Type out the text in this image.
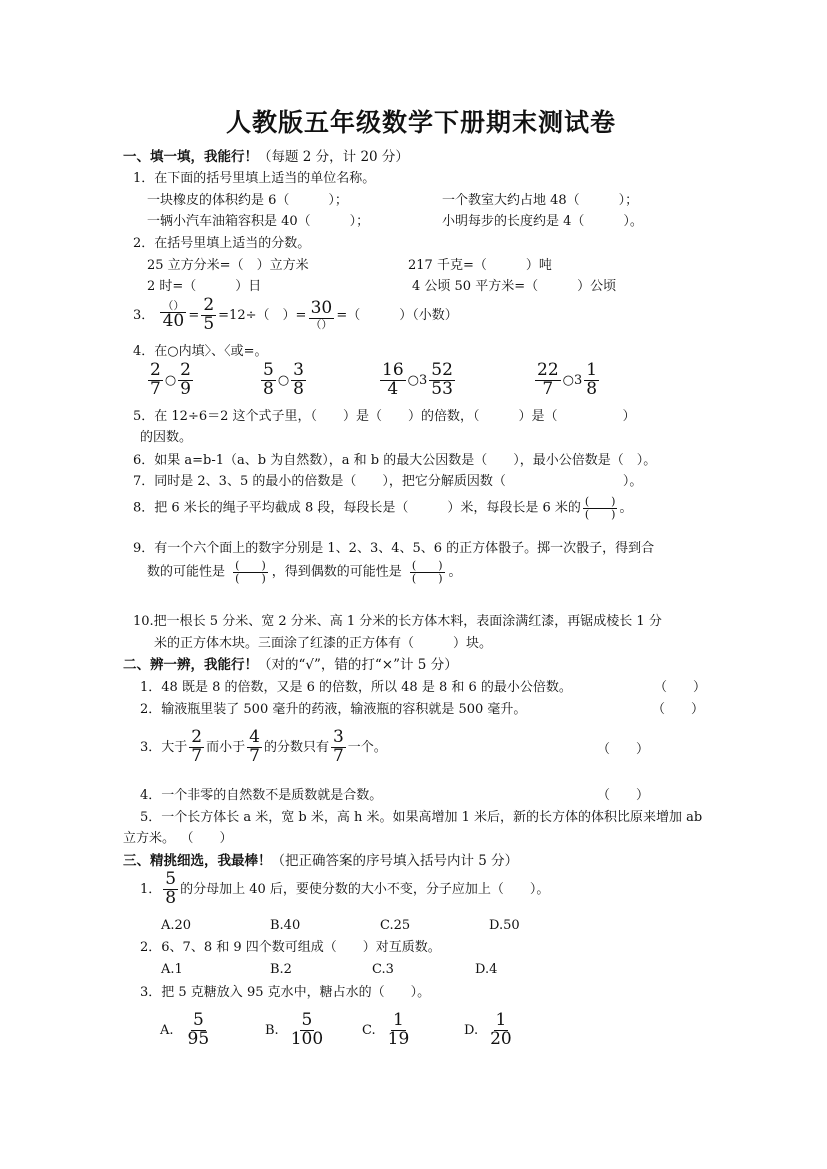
人教版五年级数学下册期末测试卷
一、填一填，我能行！（每题 2 分，计 20 分）
1．在下面的括号里填上适当的单位名称。
一块橡皮的体积约是 6（　　　）；	一个教室大约占地 48（　　　）；
一辆小汽车油箱容积是 40（　　　）；	小明每步的长度约是 4（　　　）。
2．在括号里填上适当的分数。
25 立方分米=（　）立方米	217 千克=（　　　）吨
2 时=（　　　）日	4 公顷 50 平方米=（　　　）公顷
3． $\frac{()}{40} = \frac{2}{5} =12\div$（　）= $\frac{30}{()}$ =（　　　）（小数）
4．在○内填〉、〈或=。
$\frac{2}{7}$ ○ $\frac{2}{9}$	$\frac{5}{8}$ ○ $\frac{3}{8}$	$\frac{16}{4}$ ○3 $\frac{52}{53}$	$\frac{22}{7}$ ○3 $\frac{1}{8}$
5．在 12÷6＝2 这个式子里，（　　）是（　　）的倍数，（　　　）是（　　　　　）
的因数。
6．如果 a=b-1（a、b 为自然数），a 和 b 的最大公因数是（　　），最小公倍数是（　）。
7．同时是 2、3、5 的最小的倍数是（　　），把它分解质因数（　　　　　　　　　）。
8．把 6 米长的绳子平均截成 8 段，每段长是（　　　）米，每段长是 6 米的 $\frac{( )}{( )}$ 。
9．有一个六个面上的数字分别是 1、2、3、4、5、6 的正方体骰子。掷一次骰子，得到合
数的可能性是 $\frac{( )}{( )}$ ，得到偶数的可能性是 $\frac{( )}{( )}$ 。
10.把一根长 5 分米、宽 2 分米、高 1 分米的长方体木料，表面涂满红漆，再锯成棱长 1 分
米的正方体木块。三面涂了红漆的正方体有（　　　）块。
二、辨一辨，我能行！（对的“√”，错的打“×”计 5 分）
1．48 既是 8 的倍数，又是 6 的倍数，所以 48 是 8 和 6 的最小公倍数。	（　　）
2．输液瓶里装了 500 毫升的药液，输液瓶的容积就是 500 毫升。	（　　）
3．大于 $\frac{2}{7}$ 而小于 $\frac{4}{7}$ 的分数只有 $\frac{3}{7}$ 一个。	（　　）
4．一个非零的自然数不是质数就是合数。	（　　）
5．一个长方体长 a 米，宽 b 米，高 h 米。如果高增加 1 米后，新的长方体的体积比原来增加 ab
立方米。 （　　）
三、精挑细选，我最棒！（把正确答案的序号填入括号内计 5 分）
1． $\frac{5}{8}$ 的分母加上 40 后，要使分数的大小不变，分子应加上（　　）。
A.20	B.40	C.25	D.50
2．6、7、8 和 9 四个数可组成（　　）对互质数。
A.1	B.2	C.3	D.4
3．把 5 克糖放入 95 克水中，糖占水的（　　）。
A. $\frac{5}{95}$	B. $\frac{5}{100}$	C. $\frac{1}{19}$	D. $\frac{1}{20}$
